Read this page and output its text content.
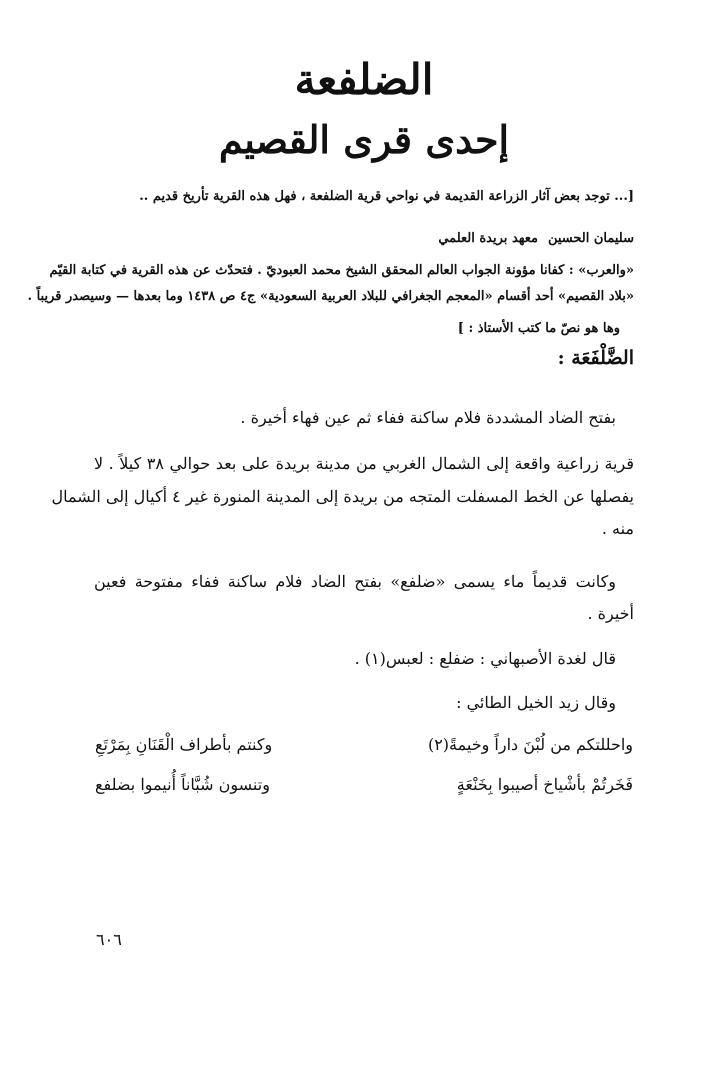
الضلفعة
إحدى قرى القصيم
[... توجد بعض آثار الزراعة القديمة في نواحي قرية الضلفعة ، فهل هذه القرية تأريخ قديم ..
سليمان الحسين
معهد بريدة العلمي
«والعرب» : كفانا مؤونة الجواب العالم المحقق الشيخ محمد العبوديّ . فتحدّث عن هذه القرية في كتابة القيّم
«بلاد القصيم» أحد أقسام «المعجم الجغرافي للبلاد العربية السعودية» ج٤ ص ١٤٣٨ وما بعدها — وسيصدر قريباً .
وها هو نصّ ما كتب الأستاذ : ]
الضَّلْفَعَة :
بفتح الضاد المشددة فلام ساكنة ففاء ثم عين فهاء أخيرة .
قرية زراعية واقعة إلى الشمال الغربي من مدينة بريدة على بعد حوالي ٣٨ كيلاً . لا
يفصلها عن الخط المسفلت المتجه من بريدة إلى المدينة المنورة غير ٤ أكيال إلى الشمال
منه .
وكانت قديماً ماء يسمى «ضلفع» بفتح الضاد فلام ساكنة ففاء مفتوحة فعين
أخيرة .
قال لغدة الأصبهاني : ضفلع : لعبس(١) .
وقال زيد الخيل الطائي :
واحللتكم من لُبْنَ داراً وخيمةً(٢)
وكنتم بأطراف الْقَنَانِ بِمَرْتَعِ
فَخَرتُمْ بأشْياخ أصيبوا بِخَنْعَةٍ
وتنسون شُبَّاناً أُنيموا بضلفع
٦٠٦
